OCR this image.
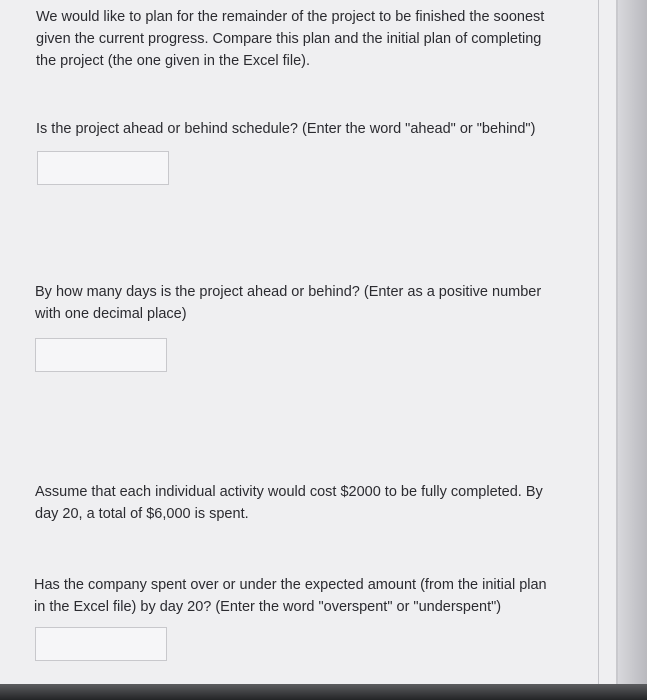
We would like to plan for the remainder of the project to be finished the soonest
given the current progress. Compare this plan and the initial plan of completing
the project (the one given in the Excel file).
Is the project ahead or behind schedule? (Enter the word "ahead" or "behind")
By how many days is the project ahead or behind? (Enter as a positive number
with one decimal place)
Assume that each individual activity would cost $2000 to be fully completed. By
day 20, a total of $6,000 is spent.
Has the company spent over or under the expected amount (from the initial plan
in the Excel file) by day 20? (Enter the word "overspent" or "underspent")
